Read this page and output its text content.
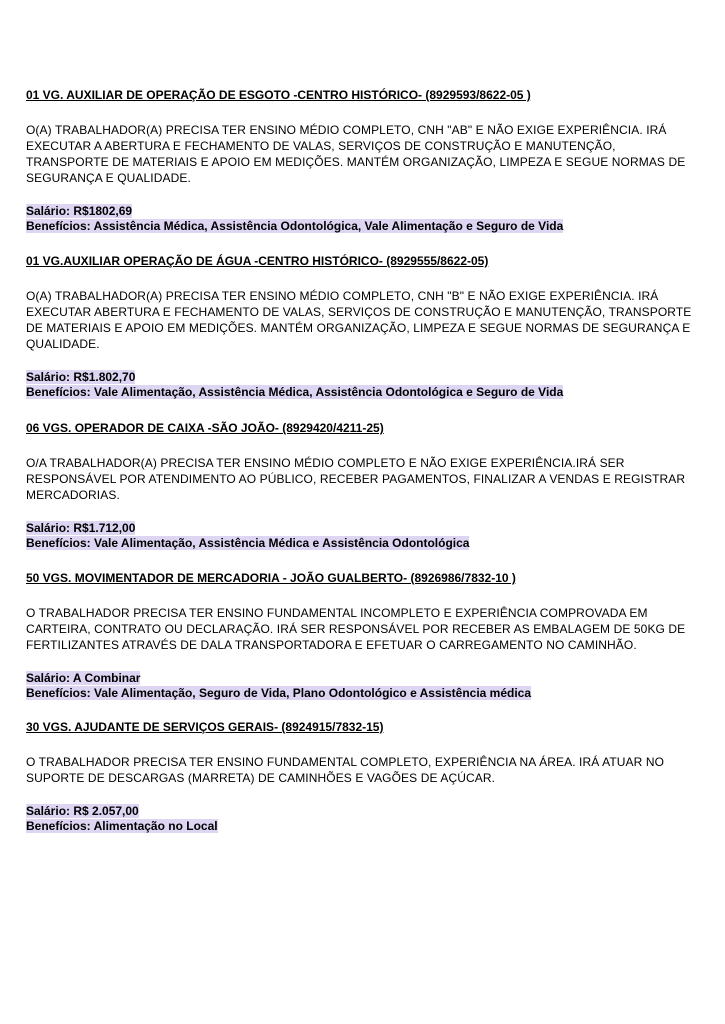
01 VG. AUXILIAR DE OPERAÇÃO DE ESGOTO -CENTRO HISTÓRICO- (8929593/8622-05 )

O(A) TRABALHADOR(A) PRECISA TER ENSINO MÉDIO COMPLETO, CNH "AB" E NÃO EXIGE EXPERIÊNCIA. IRÁ EXECUTAR A ABERTURA E FECHAMENTO DE VALAS, SERVIÇOS DE CONSTRUÇÃO E MANUTENÇÃO, TRANSPORTE DE MATERIAIS E APOIO EM MEDIÇÕES. MANTÉM ORGANIZAÇÃO, LIMPEZA E SEGUE NORMAS DE SEGURANÇA E QUALIDADE.

Salário: R$1802,69
Benefícios: Assistência Médica, Assistência Odontológica, Vale Alimentação e Seguro de Vida

01 VG.AUXILIAR OPERAÇÃO DE ÁGUA -CENTRO HISTÓRICO- (8929555/8622-05)

O(A) TRABALHADOR(A) PRECISA TER ENSINO MÉDIO COMPLETO, CNH "B" E NÃO EXIGE EXPERIÊNCIA. IRÁ EXECUTAR ABERTURA E FECHAMENTO DE VALAS, SERVIÇOS DE CONSTRUÇÃO E MANUTENÇÃO, TRANSPORTE DE MATERIAIS E APOIO EM MEDIÇÕES. MANTÉM ORGANIZAÇÃO, LIMPEZA E SEGUE NORMAS DE SEGURANÇA E QUALIDADE.

Salário: R$1.802,70
Benefícios: Vale Alimentação, Assistência Médica, Assistência Odontológica e Seguro de Vida

06 VGS. OPERADOR DE CAIXA -SÃO JOÃO- (8929420/4211-25)

O/A TRABALHADOR(A) PRECISA TER ENSINO MÉDIO COMPLETO E NÃO EXIGE EXPERIÊNCIA.IRÁ SER RESPONSÁVEL POR ATENDIMENTO AO PÚBLICO, RECEBER PAGAMENTOS, FINALIZAR A VENDAS E REGISTRAR MERCADORIAS.

Salário: R$1.712,00
Benefícios: Vale Alimentação, Assistência Médica e Assistência Odontológica

50 VGS. MOVIMENTADOR DE MERCADORIA - JOÃO GUALBERTO- (8926986/7832-10 )

O TRABALHADOR PRECISA TER ENSINO FUNDAMENTAL INCOMPLETO E EXPERIÊNCIA COMPROVADA EM CARTEIRA, CONTRATO OU DECLARAÇÃO. IRÁ SER RESPONSÁVEL POR RECEBER AS EMBALAGEM DE 50KG DE FERTILIZANTES ATRAVÉS DE DALA TRANSPORTADORA E EFETUAR O CARREGAMENTO NO CAMINHÃO.

Salário: A Combinar
Benefícios: Vale Alimentação, Seguro de Vida, Plano Odontológico e Assistência médica

30 VGS. AJUDANTE DE SERVIÇOS GERAIS- (8924915/7832-15)

O TRABALHADOR PRECISA TER ENSINO FUNDAMENTAL COMPLETO, EXPERIÊNCIA NA ÁREA. IRÁ ATUAR NO SUPORTE DE DESCARGAS (MARRETA) DE CAMINHÕES E VAGÕES DE AÇÚCAR.

Salário: R$ 2.057,00
Benefícios: Alimentação no Local
